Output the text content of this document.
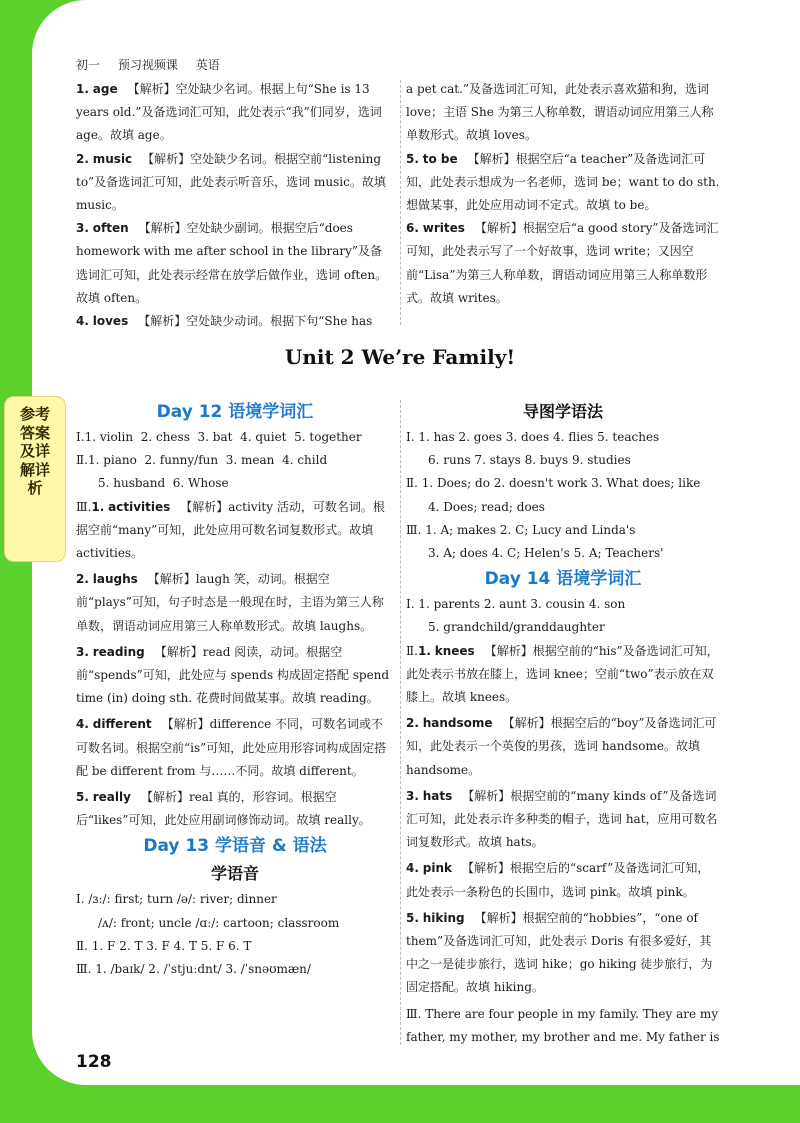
初一 预习视频课 英语
参考答案及详解详析

1. age 【解析】空处缺少名词。根据上句“She is 13 years old.”及备选词汇可知，此处表示“我”们同岁，选词 age。故填 age。

2. music 【解析】空处缺少名词。根据空前“listening to”及备选词汇可知，此处表示听音乐，选词 music。故填 music。

3. often 【解析】空处缺少副词。根据空后“does homework with me after school in the library”及备选词汇可知，此处表示经常在放学后做作业，选词 often。故填 often。

4. loves 【解析】空处缺少动词。根据下句“She has

a pet cat.”及备选词汇可知，此处表示喜欢猫和狗，选词 love；主语 She 为第三人称单数，谓语动词应用第三人称单数形式。故填 loves。

5. to be 【解析】根据空后“a teacher”及备选词汇可知，此处表示想成为一名老师，选词 be；want to do sth. 想做某事，此处应用动词不定式。故填 to be。

6. writes 【解析】根据空后“a good story”及备选词汇可知，此处表示写了一个好故事，选词 write；又因空前“Lisa”为第三人称单数，谓语动词应用第三人称单数形式。故填 writes。

Unit 2 We’re Family!
Day 12 语境学词汇
Ⅰ.1. violin 2. chess 3. bat 4. quiet 5. together
Ⅱ.1. piano 2. funny/fun 3. mean 4. child
5. husband 6. Whose

Ⅲ.1. activities 【解析】activity 活动，可数名词。根据空前“many”可知，此处应用可数名词复数形式。故填 activities。

2. laughs 【解析】laugh 笑，动词。根据空前“plays”可知，句子时态是一般现在时，主语为第三人称单数，谓语动词应用第三人称单数形式。故填 laughs。

3. reading 【解析】read 阅读，动词。根据空前“spends”可知，此处应与 spends 构成固定搭配 spend time (in) doing sth. 花费时间做某事。故填 reading。

4. different 【解析】difference 不同，可数名词或不可数名词。根据空前“is”可知，此处应用形容词构成固定搭配 be different from 与……不同。故填 different。

5. really 【解析】real 真的，形容词。根据空后“likes”可知，此处应用副词修饰动词。故填 really。

Day 13 学语音 & 语法
学语音
Ⅰ. /ɜː/: first; turn /ə/: river; dinner
/ʌ/: front; uncle /ɑː/: cartoon; classroom
Ⅱ. 1. F 2. T 3. F 4. T 5. F 6. T
Ⅲ. 1. /baɪk/ 2. /ˈstjuːdnt/ 3. /ˈsnəʊmæn/
导图学语法
Ⅰ. 1. has 2. goes 3. does 4. flies 5. teaches
6. runs 7. stays 8. buys 9. studies
Ⅱ. 1. Does; do 2. doesn't work 3. What does; like
4. Does; read; does
Ⅲ. 1. A; makes 2. C; Lucy and Linda's
3. A; does 4. C; Helen's 5. A; Teachers'
Day 14 语境学词汇
Ⅰ. 1. parents 2. aunt 3. cousin 4. son
5. grandchild/granddaughter

Ⅱ.1. knees 【解析】根据空前的“his”及备选词汇可知，此处表示书放在膝上，选词 knee；空前“two”表示放在双膝上。故填 knees。

2. handsome 【解析】根据空后的“boy”及备选词汇可知，此处表示一个英俊的男孩，选词 handsome。故填 handsome。

3. hats 【解析】根据空前的“many kinds of”及备选词汇可知，此处表示许多种类的帽子，选词 hat，应用可数名词复数形式。故填 hats。

4. pink 【解析】根据空后的“scarf”及备选词汇可知，此处表示一条粉色的长围巾，选词 pink。故填 pink。

5. hiking 【解析】根据空前的“hobbies”，“one of them”及备选词汇可知，此处表示 Doris 有很多爱好，其中之一是徒步旅行，选词 hike；go hiking 徒步旅行，为固定搭配。故填 hiking。

Ⅲ. There are four people in my family. They are my father, my mother, my brother and me. My father is

128
